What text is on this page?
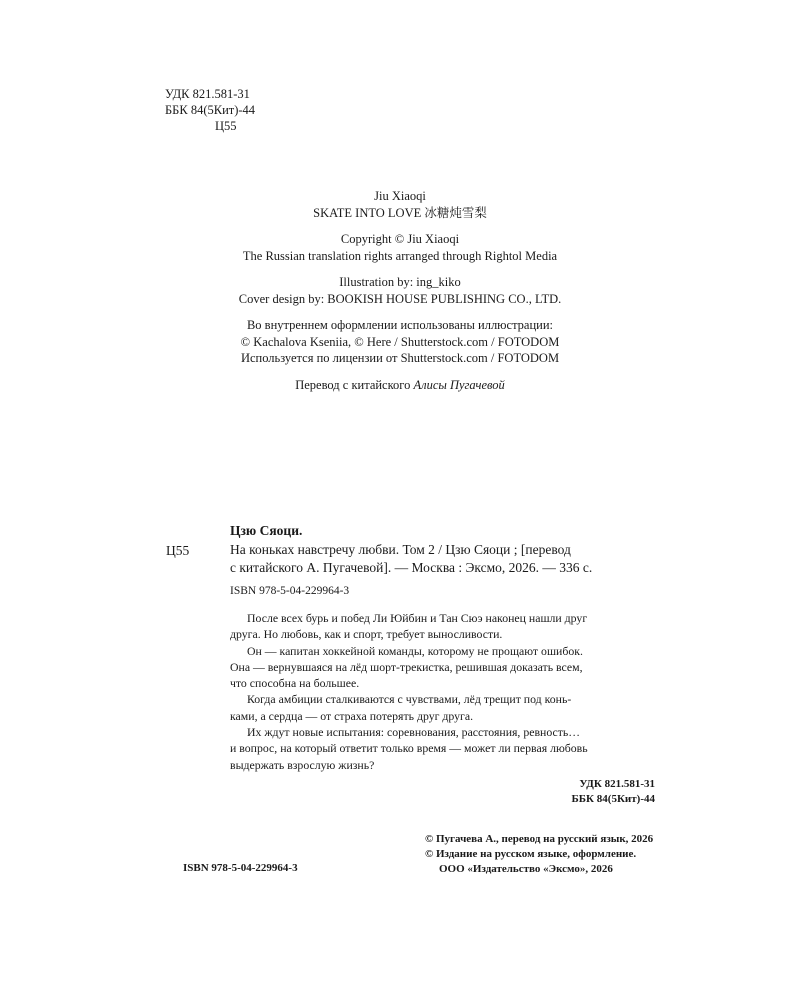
УДК 821.581-31
ББК 84(5Кит)-44
Ц55

Jiu Xiaoqi

SKATE INTO LOVE 冰糖炖雪梨

Copyright © Jiu Xiaoqi

The Russian translation rights arranged through Rightol Media

Illustration by: ing_kiko

Cover design by: BOOKISH HOUSE PUBLISHING CO., LTD.

Во внутреннем оформлении использованы иллюстрации:

© Kachalova Kseniia, © Here / Shutterstock.com / FOTODOM

Используется по лицензии от Shutterstock.com / FOTODOM

Перевод с китайского Алисы Пугачевой

Цзю Сяоци.
Ц55	На коньках навстречу любви. Том 2 / Цзю Сяоци ; [перевод
с китайского А. Пугачевой]. — Москва : Эксмо, 2026. — 336 с.
ISBN 978-5-04-229964-3
После всех бурь и побед Ли Юйбин и Тан Сюэ наконец нашли друг
друга. Но любовь, как и спорт, требует выносливости.
Он — капитан хоккейной команды, которому не прощают ошибок.
Она — вернувшаяся на лёд шорт-трекистка, решившая доказать всем,
что способна на большее.
Когда амбиции сталкиваются с чувствами, лёд трещит под конь-
ками, а сердца — от страха потерять друг друга.
Их ждут новые испытания: соревнования, расстояния, ревность…
и вопрос, на который ответит только время — может ли первая любовь
выдержать взрослую жизнь?
УДК 821.581-31
ББК 84(5Кит)-44
ISBN 978-5-04-229964-3
© Пугачева А., перевод на русский язык, 2026
© Издание на русском языке, оформление.
ООО «Издательство «Эксмо», 2026
